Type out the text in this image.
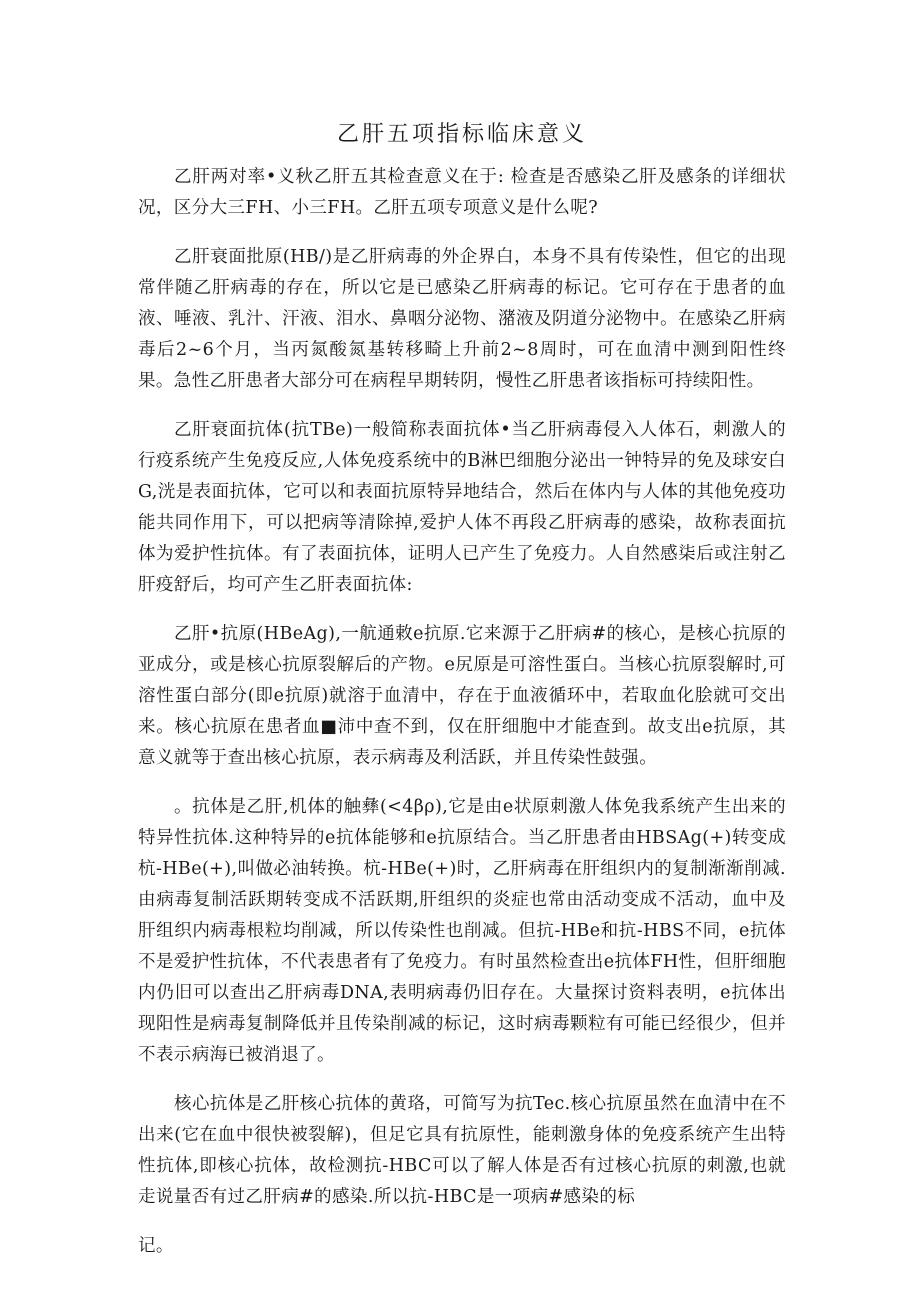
乙肝五项指标临床意义

乙肝两对率•义秋乙肝五其检查意义在于: 检查是否感染乙肝及感条的详细状况，区分大三FH、小三FH。乙肝五项专项意义是什么呢?

乙肝衰面批原(HB/)是乙肝病毒的外企界白，本身不具有传染性，但它的出现常伴随乙肝病毒的存在，所以它是已感染乙肝病毒的标记。它可存在于患者的血液、唾液、乳汁、汗液、泪水、鼻咽分泌物、潴液及阴道分泌物中。在感染乙肝病毒后2~6个月，当丙氮酸氮基转移畸上升前2~8周时，可在血清中测到阳性终果。急性乙肝患者大部分可在病程早期转阴，慢性乙肝患者该指标可持续阳性。

乙肝衰面抗体(抗TBe)一般简称表面抗体•当乙肝病毒侵入人体石，刺激人的行疫系统产生免疫反应,人体免疫系统中的B淋巴细胞分泌出一钟特异的免及球安白G,洸是表面抗体，它可以和表面抗原特异地结合，然后在体内与人体的其他免疫功能共同作用下，可以把病等清除掉,爱护人体不再段乙肝病毒的感染，故称表面抗体为爱护性抗体。有了表面抗体，证明人已产生了免疫力。人自然感柒后或注射乙肝疫舒后，均可产生乙肝表面抗体:

乙肝•抗原(HBeAg),一航通敕e抗原.它来源于乙肝病#的核心，是核心抗原的亚成分，或是核心抗原裂解后的产物。e尻原是可溶性蛋白。当核心抗原裂解时,可溶性蛋白部分(即e抗原)就溶于血清中，存在于血液循环中，若取血化脍就可交出来。核心抗原在患者血■沛中查不到，仅在肝细胞中才能查到。故支出e抗原，其意义就等于查出核心抗原，表示病毒及利活跃，并且传染性鼓强。

。抗体是乙肝,机体的触彝(<4βρ),它是由e状原刺激人体免我系统产生出来的特异性抗体.这种特异的e抗体能够和e抗原结合。当乙肝患者由HBSAg(+)转变成杭-HBe(+),叫做必油转换。杭-HBe(+)时，乙肝病毒在肝组织内的复制渐渐削减.由病毒复制活跃期转变成不活跃期,肝组织的炎症也常由活动变成不活动，血中及肝组织内病毒根粒均削减，所以传染性也削减。但抗-HBe和抗-HBS不同，e抗体不是爱护性抗体，不代表患者有了免疫力。有时虽然检查出e抗体FH性，但肝细胞内仍旧可以查出乙肝病毒DNA,表明病毒仍旧存在。大量探讨资料表明，e抗体出现阳性是病毒复制降低并且传染削减的标记，这时病毒颗粒有可能已经很少，但并不表示病海已被消退了。

核心抗体是乙肝核心抗体的黄珞，可简写为抗Tec.核心抗原虽然在血清中在不出来(它在血中很快被裂解)，但足它具有抗原性，能刺激身体的免疫系统产生出特性抗体,即核心抗体，故检测抗-HBC可以了解人体是否有过核心抗原的刺激,也就走说量否有过乙肝病#的感染.所以抗-HBC是一项病#感染的标

记。
